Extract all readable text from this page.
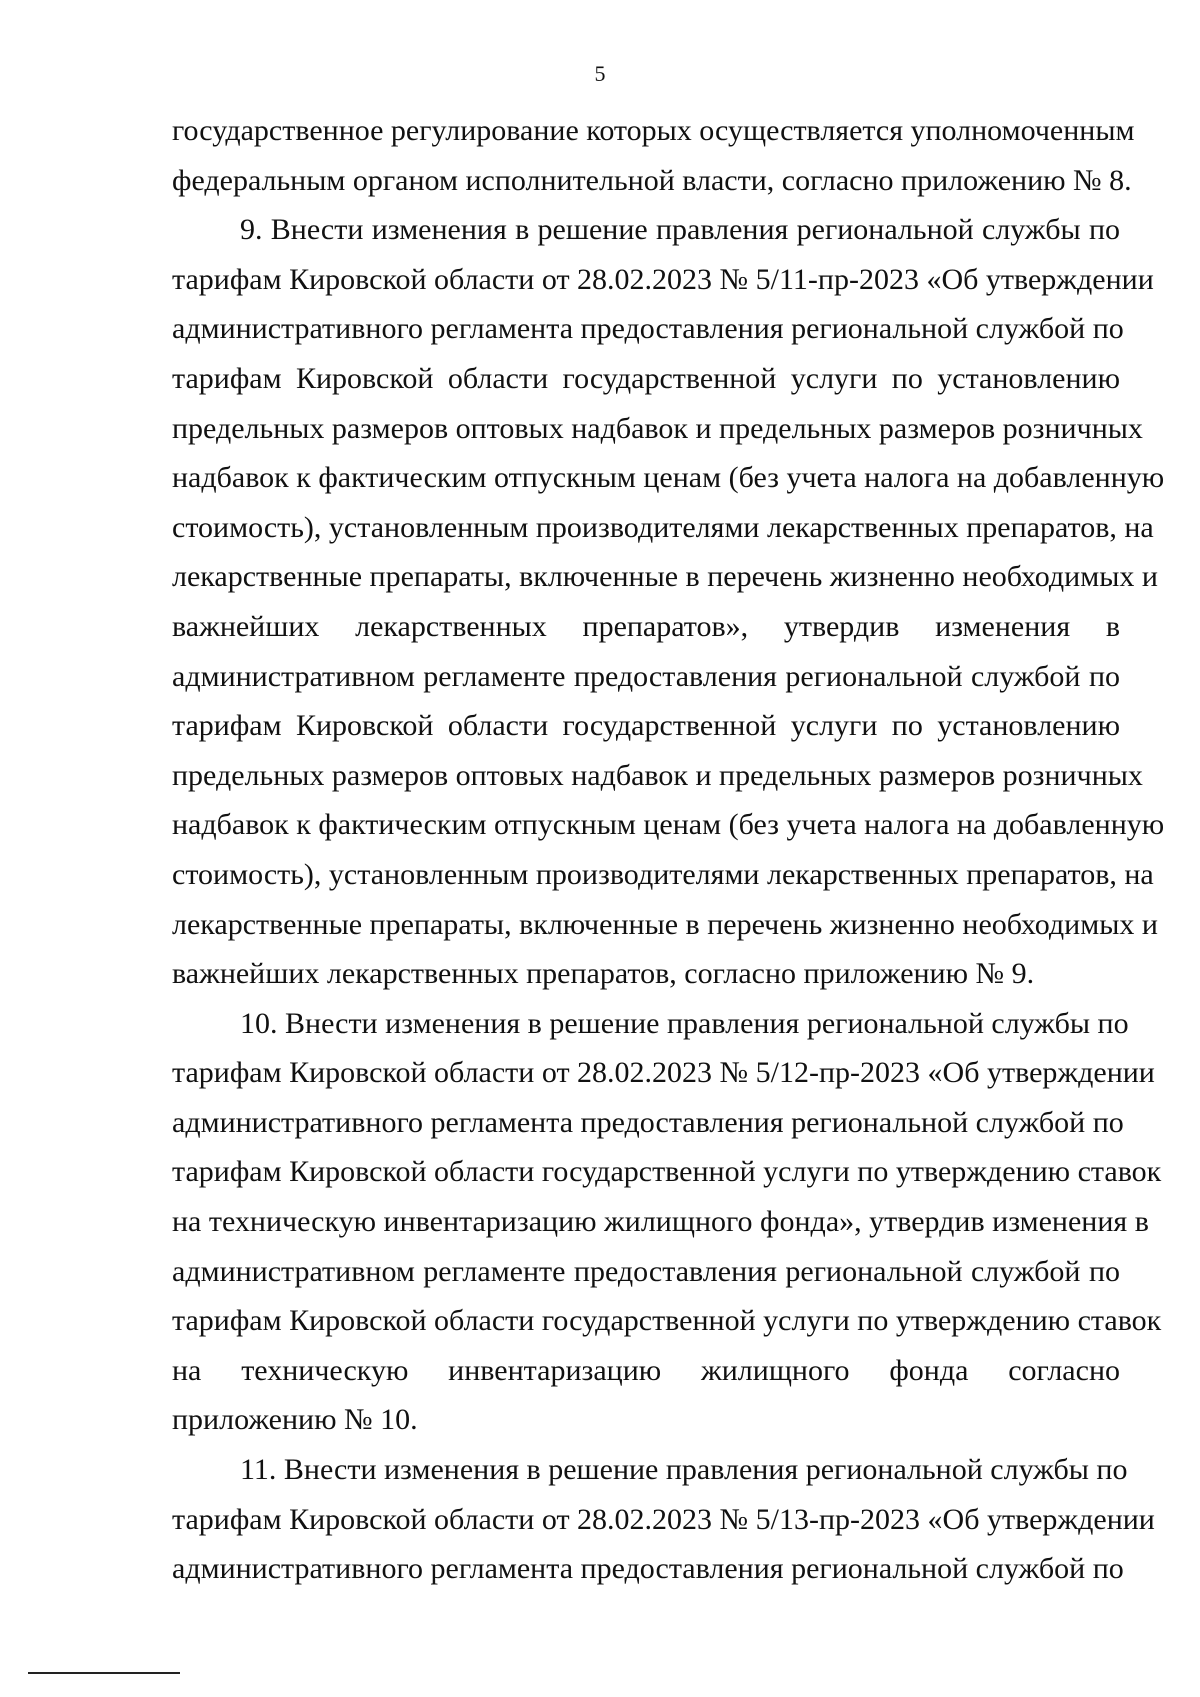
5
государственное регулирование которых осуществляется уполномоченным
федеральным органом исполнительной власти, согласно приложению № 8.
9. Внести изменения в решение правления региональной службы по
тарифам Кировской области от 28.02.2023 № 5/11-пр-2023 «Об утверждении
административного регламента предоставления региональной службой по
тарифам Кировской области государственной услуги по установлению
предельных размеров оптовых надбавок и предельных размеров розничных
надбавок к фактическим отпускным ценам (без учета налога на добавленную
стоимость), установленным производителями лекарственных препаратов, на
лекарственные препараты, включенные в перечень жизненно необходимых и
важнейших лекарственных препаратов», утвердив изменения в
административном регламенте предоставления региональной службой по
тарифам Кировской области государственной услуги по установлению
предельных размеров оптовых надбавок и предельных размеров розничных
надбавок к фактическим отпускным ценам (без учета налога на добавленную
стоимость), установленным производителями лекарственных препаратов, на
лекарственные препараты, включенные в перечень жизненно необходимых и
важнейших лекарственных препаратов, согласно приложению № 9.
10. Внести изменения в решение правления региональной службы по
тарифам Кировской области от 28.02.2023 № 5/12-пр-2023 «Об утверждении
административного регламента предоставления региональной службой по
тарифам Кировской области государственной услуги по утверждению ставок
на техническую инвентаризацию жилищного фонда», утвердив изменения в
административном регламенте предоставления региональной службой по
тарифам Кировской области государственной услуги по утверждению ставок
на техническую инвентаризацию жилищного фонда согласно
приложению № 10.
11. Внести изменения в решение правления региональной службы по
тарифам Кировской области от 28.02.2023 № 5/13-пр-2023 «Об утверждении
административного регламента предоставления региональной службой по
